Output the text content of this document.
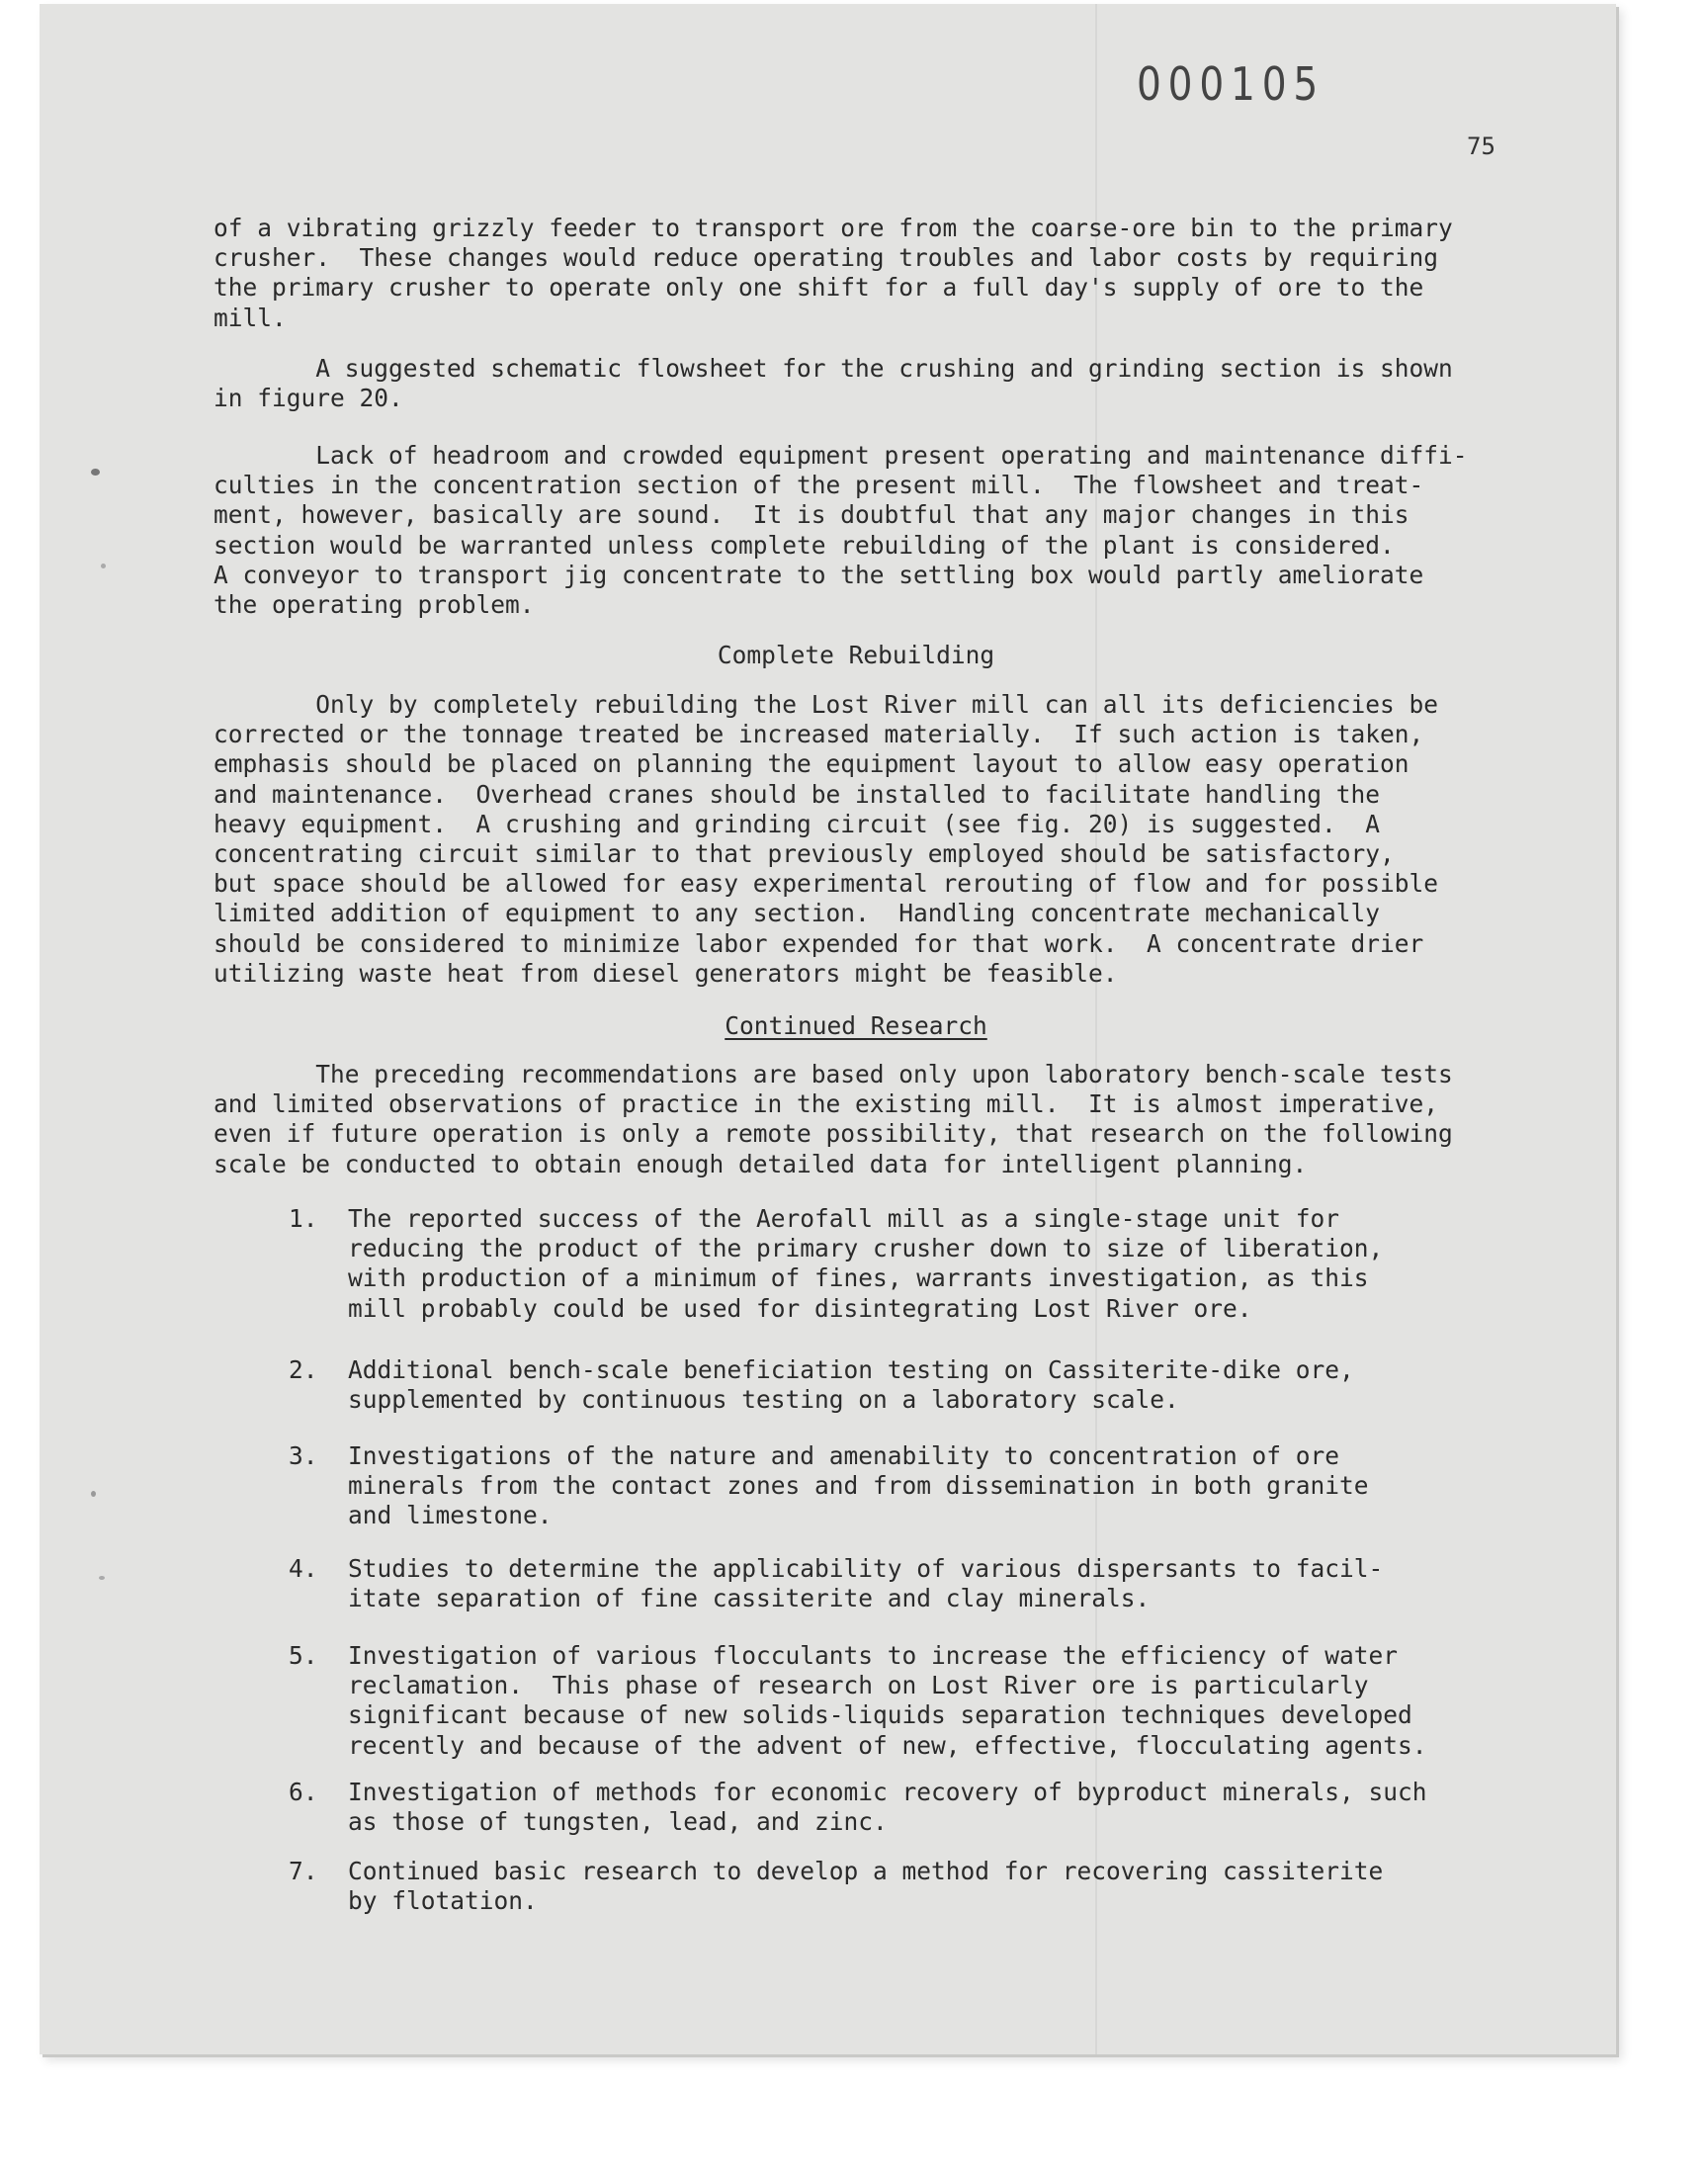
000105
75

of a vibrating grizzly feeder to transport ore from the coarse-ore bin to the primary
crusher.  These changes would reduce operating troubles and labor costs by requiring
the primary crusher to operate only one shift for a full day's supply of ore to the
mill.

A suggested schematic flowsheet for the crushing and grinding section is shown
in figure 20.

Lack of headroom and crowded equipment present operating and maintenance diffi-
culties in the concentration section of the present mill.  The flowsheet and treat-
ment, however, basically are sound.  It is doubtful that any major changes in this
section would be warranted unless complete rebuilding of the plant is considered.
A conveyor to transport jig concentrate to the settling box would partly ameliorate
the operating problem.

Complete Rebuilding

Only by completely rebuilding the Lost River mill can all its deficiencies be
corrected or the tonnage treated be increased materially.  If such action is taken,
emphasis should be placed on planning the equipment layout to allow easy operation
and maintenance.  Overhead cranes should be installed to facilitate handling the
heavy equipment.  A crushing and grinding circuit (see fig. 20) is suggested.  A
concentrating circuit similar to that previously employed should be satisfactory,
but space should be allowed for easy experimental rerouting of flow and for possible
limited addition of equipment to any section.  Handling concentrate mechanically
should be considered to minimize labor expended for that work.  A concentrate drier
utilizing waste heat from diesel generators might be feasible.

Continued Research

The preceding recommendations are based only upon laboratory bench-scale tests
and limited observations of practice in the existing mill.  It is almost imperative,
even if future operation is only a remote possibility, that research on the following
scale be conducted to obtain enough detailed data for intelligent planning.

1. The reported success of the Aerofall mill as a single-stage unit for
reducing the product of the primary crusher down to size of liberation,
with production of a minimum of fines, warrants investigation, as this
mill probably could be used for disintegrating Lost River ore.
2. Additional bench-scale beneficiation testing on Cassiterite-dike ore,
supplemented by continuous testing on a laboratory scale.
3. Investigations of the nature and amenability to concentration of ore
minerals from the contact zones and from dissemination in both granite
and limestone.
4. Studies to determine the applicability of various dispersants to facil-
itate separation of fine cassiterite and clay minerals.
5. Investigation of various flocculants to increase the efficiency of water
reclamation.  This phase of research on Lost River ore is particularly
significant because of new solids-liquids separation techniques developed
recently and because of the advent of new, effective, flocculating agents.
6. Investigation of methods for economic recovery of byproduct minerals, such
as those of tungsten, lead, and zinc.
7. Continued basic research to develop a method for recovering cassiterite
by flotation.
